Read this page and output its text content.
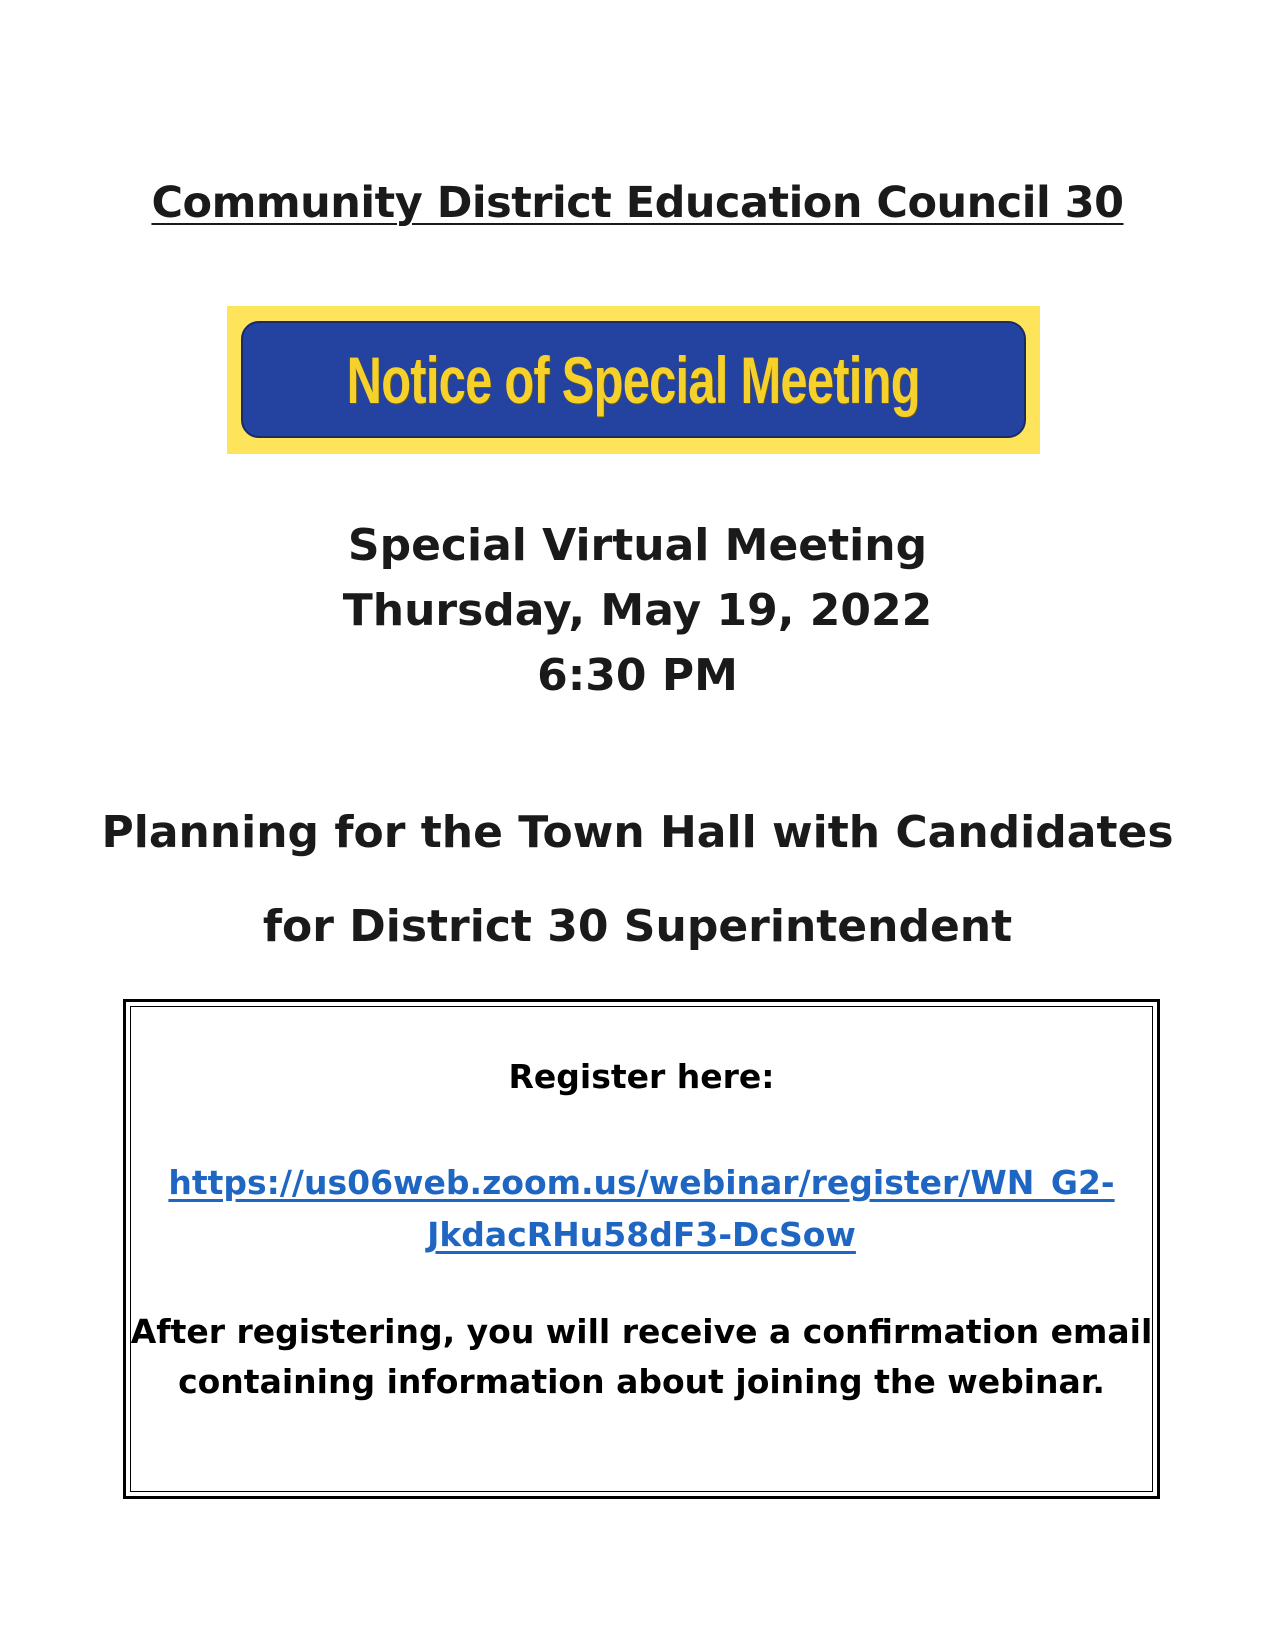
Community District Education Council 30
Notice of Special Meeting
Special Virtual Meeting
Thursday, May 19, 2022
6:30 PM
Planning for the Town Hall with Candidates
for District 30 Superintendent
Register here:
https://us06web.zoom.us/webinar/register/WN_G2-
JkdacRHu58dF3-DcSow
After registering, you will receive a confirmation email
containing information about joining the webinar.
